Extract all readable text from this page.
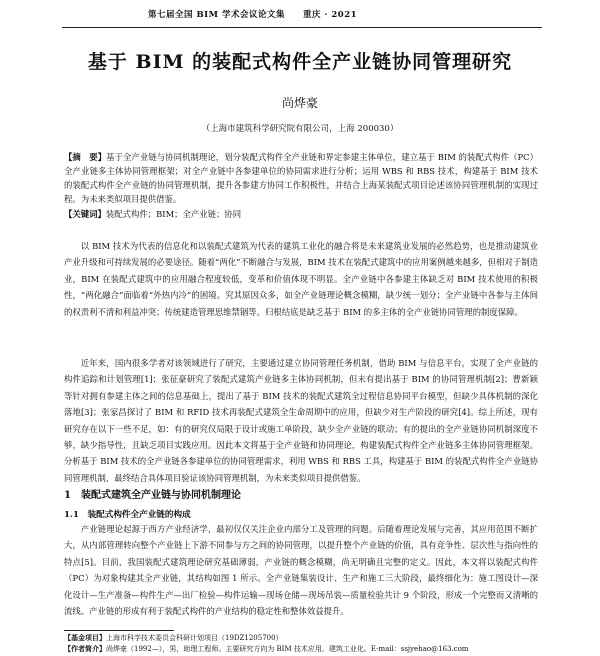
第七届全国 BIM 学术会议论文集　　重庆 · 2021
基于 BIM 的装配式构件全产业链协同管理研究
尚烨豪
（上海市建筑科学研究院有限公司，上海 200030）
【摘　要】基于全产业链与协同机制理论，划分装配式构件全产业链和界定参建主体单位，建立基于 BIM 的装配式构件（PC）全产业链多主体协同管理框架；对全产业链中各参建单位的协同需求进行分析；运用 WBS 和 RBS 技术，构建基于 BIM 技术的装配式构件全产业链的协同管理机制，提升各参建方协同工作积极性，并结合上海某装配式项目论述该协同管理机制的实现过程。为未来类似项目提供借鉴。
【关键词】装配式构件；BIM；全产业链；协同

以 BIM 技术为代表的信息化和以装配式建筑为代表的建筑工业化的融合将是未来建筑业发展的必然趋势，也是推动建筑业产业升级和可持续发展的必要途径。随着“两化”不断融合与发展，BIM 技术在装配式建筑中的应用案例越来越多，但相对于制造业，BIM 在装配式建筑中的应用融合程度较低，变革和价值体现不明显。全产业链中各参建主体缺乏对 BIM 技术使用的积极性，“两化融合”面临着“外热内冷”的困境。究其原因众多，如全产业链理论概念模糊，缺少统一划分；全产业链中各参与主体间的权责利不清和利益冲突；传统建造管理思维禁锢等。归根结底是缺乏基于 BIM 的多主体的全产业链协同管理的制度保障。

近年来，国内很多学者对该领域进行了研究，主要通过建立协同管理任务机制，借助 BIM 与信息平台，实现了全产业链的构件追踪和计划管理[1]；张征豪研究了装配式建筑产业链多主体协同机制，但未有提出基于 BIM 的协同管理机制[2]；曹新颖等针对拥有参建主体之间的信息基础上，提出了基于 BIM 技术的装配式建筑全过程信息协同平台模型，但缺少具体机制的深化落地[3]；张家昌探讨了 BIM 和 RFID 技术再装配式建筑全生命周期中的应用，但缺少对生产阶段的研究[4]。综上所述，现有研究存在以下一些不足，如：有的研究仅局限于设计或施工单阶段，缺少全产业链的联动；有的提出的全产业链协同机制深度不够，缺少指导性，且缺乏项目实践应用。因此本文将基于全产业链和协同理论，构建装配式构件全产业链多主体协同管理框架。分析基于 BIM 技术的全产业链各参建单位的协同管理需求，利用 WBS 和 RBS 工具，构建基于 BIM 的装配式构件全产业链协同管理机制，最终结合具体项目验证该协同管理机制，为未来类似项目提供借鉴。

1　装配式建筑全产业链与协同机制理论
1.1　装配式构件全产业链的构成

产业链理论起源于西方产业经济学，最初仅仅关注企业内部分工及管理的问题。后随着理论发展与完善，其应用范围不断扩大，从内部管理转向整个产业链上下游不同参与方之间的协同管理，以提升整个产业链的价值，具有竞争性、层次性与指向性的特点[5]。目前，我国装配式建筑理论研究基础薄弱，产业链的概念模糊，尚无明确且完整的定义。因此，本文将以装配式构件（PC）为对象构建其全产业链，其结构如图 1 所示。全产业链集装设计、生产和施工三大阶段，最终细化为：施工图设计—深化设计—生产准备—构件生产—出厂检验—构件运输—现场仓储—现场吊装—质量检验共计 9 个阶段，形成一个完整而又清晰的流线。产业链的形成有利于装配式构件的产业结构的稳定性和整体效益提升。

【基金项目】上海市科学技术委员会科研计划项目（19DZ1205700）
【作者简介】尚烨豪（1992—），男，助理工程师。主要研究方向为 BIM 技术应用、建筑工业化。E-mail：ssjyehao@163.com
